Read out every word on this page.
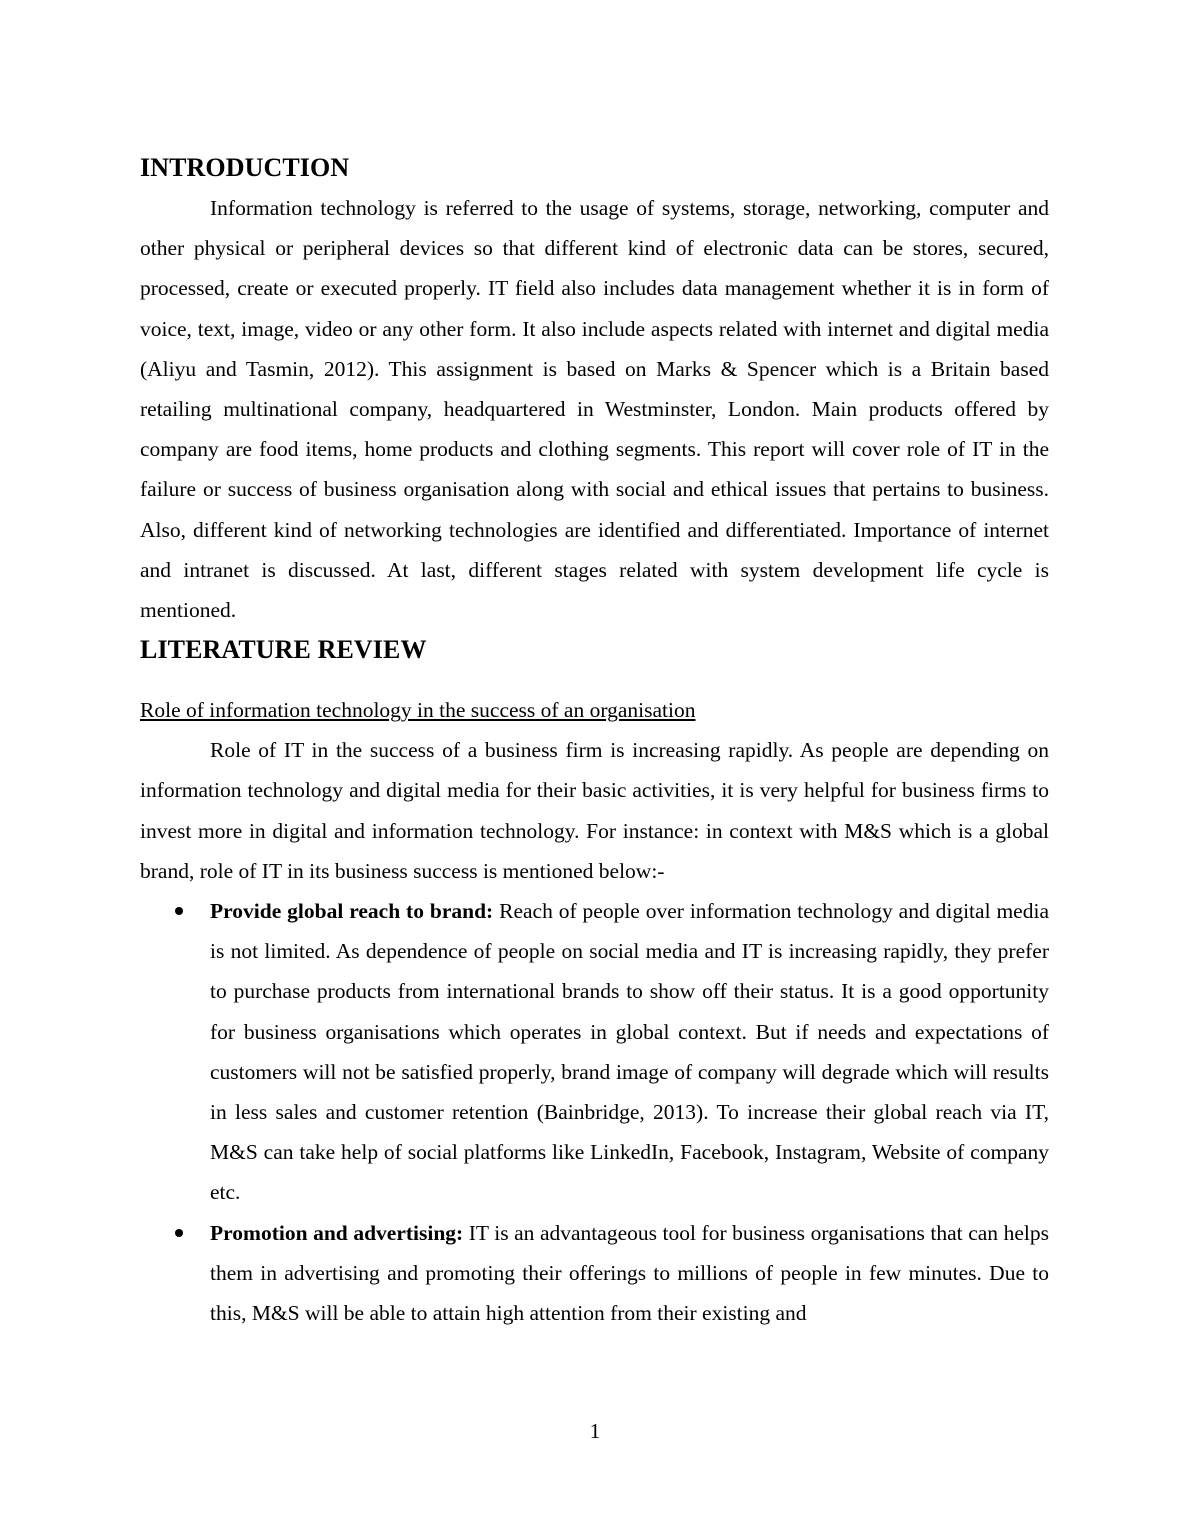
INTRODUCTION

Information technology is referred to the usage of systems, storage, networking, computer and other physical or peripheral devices so that different kind of electronic data can be stores, secured, processed, create or executed properly. IT field also includes data management whether it is in form of voice, text, image, video or any other form. It also include aspects related with internet and digital media (Aliyu and Tasmin, 2012). This assignment is based on Marks & Spencer which is a Britain based retailing multinational company, headquartered in Westminster, London. Main products offered by company are food items, home products and clothing segments. This report will cover role of IT in the failure or success of business organisation along with social and ethical issues that pertains to business. Also, different kind of networking technologies are identified and differentiated. Importance of internet and intranet is discussed. At last, different stages related with system development life cycle is mentioned.

LITERATURE REVIEW

Role of information technology in the success of an organisation

Role of IT in the success of a business firm is increasing rapidly. As people are depending on information technology and digital media for their basic activities, it is very helpful for business firms to invest more in digital and information technology. For instance: in context with M&S which is a global brand, role of IT in its business success is mentioned below:-

Provide global reach to brand: Reach of people over information technology and digital media is not limited. As dependence of people on social media and IT is increasing rapidly, they prefer to purchase products from international brands to show off their status. It is a good opportunity for business organisations which operates in global context. But if needs and expectations of customers will not be satisfied properly, brand image of company will degrade which will results in less sales and customer retention (Bainbridge, 2013). To increase their global reach via IT, M&S can take help of social platforms like LinkedIn, Facebook, Instagram, Website of company etc.
Promotion and advertising: IT is an advantageous tool for business organisations that can helps them in advertising and promoting their offerings to millions of people in few minutes. Due to this, M&S will be able to attain high attention from their existing and
1
